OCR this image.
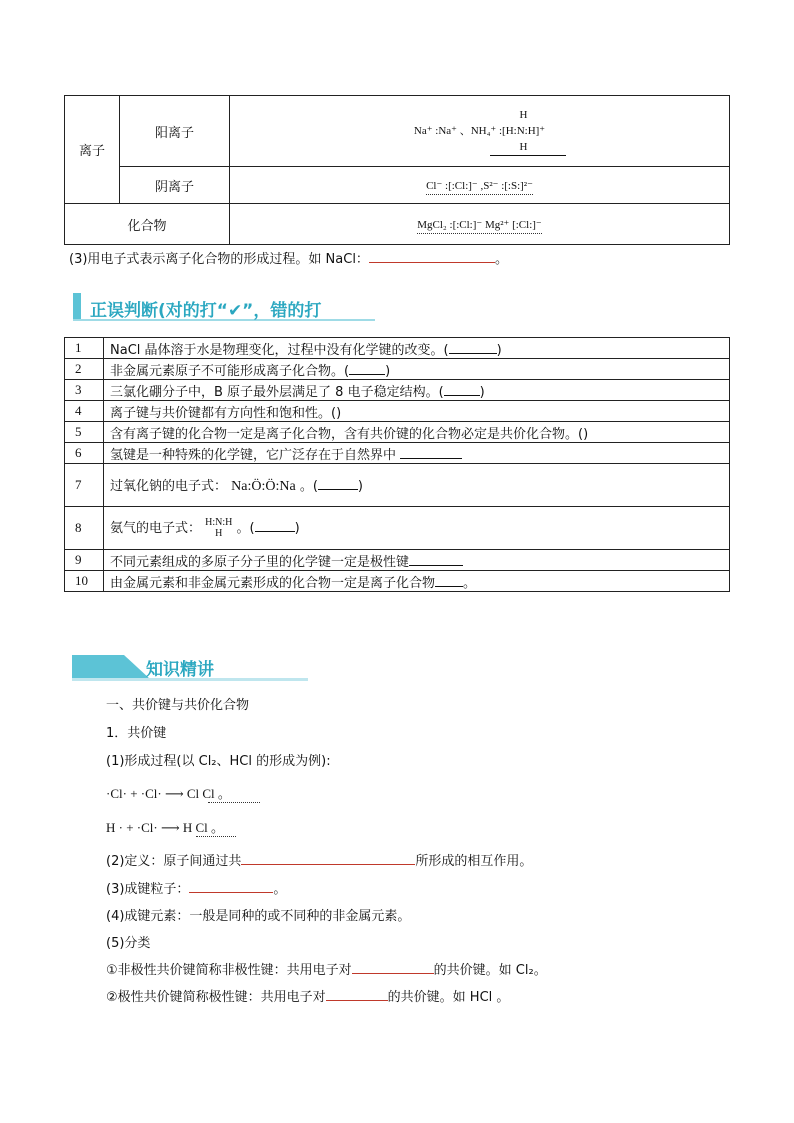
离子	阳离子	H
Na⁺ :Na⁺ 、NH₄⁺ :[H:N:H]⁺
H

	阴离子	Cl⁻ :[:Cl:]⁻ ,S²⁻ :[:S:]²⁻
化合物		MgCl₂ :[:Cl:]⁻ Mg²⁺ [:Cl:]⁻
(3)用电子式表示离子化合物的形成过程。如 NaCl：	。
正误判断(对的打“✔”，错的打
1	NaCl 晶体溶于水是物理变化，过程中没有化学键的改变。( )
2	非金属元素原子不可能形成离子化合物。( )
3	三氯化硼分子中，B 原子最外层满足了 8 电子稳定结构。( )
4	离子键与共价键都有方向性和饱和性。()
5	含有离子键的化合物一定是离子化合物，含有共价键的化合物必定是共价化合物。()
6	氢键是一种特殊的化学键，它广泛存在于自然界中
7	过氧化钠的电子式： Na:Ö:Ö:Na 。( )
8	氨气的电子式： H:N:H
H 。( )
9	不同元素组成的多原子分子里的化学键一定是极性键
10	由金属元素和非金属元素形成的化合物一定是离子化合物 。
知识精讲
一、共价键与共价化合物
1．共价键
(1)形成过程(以 Cl₂、HCl 的形成为例):
·Cl· + ·Cl· ⟶ Cl Cl 。
H · + ·Cl· ⟶ H Cl 。
(2)定义：原子间通过共	所形成的相互作用。
(3)成键粒子：	。
(4)成键元素：一般是同种的或不同种的非金属元素。
(5)分类
①非极性共价键简称非极性键：共用电子对	的共价键。如 Cl₂。
②极性共价键简称极性键：共用电子对	的共价键。如 HCl 。
